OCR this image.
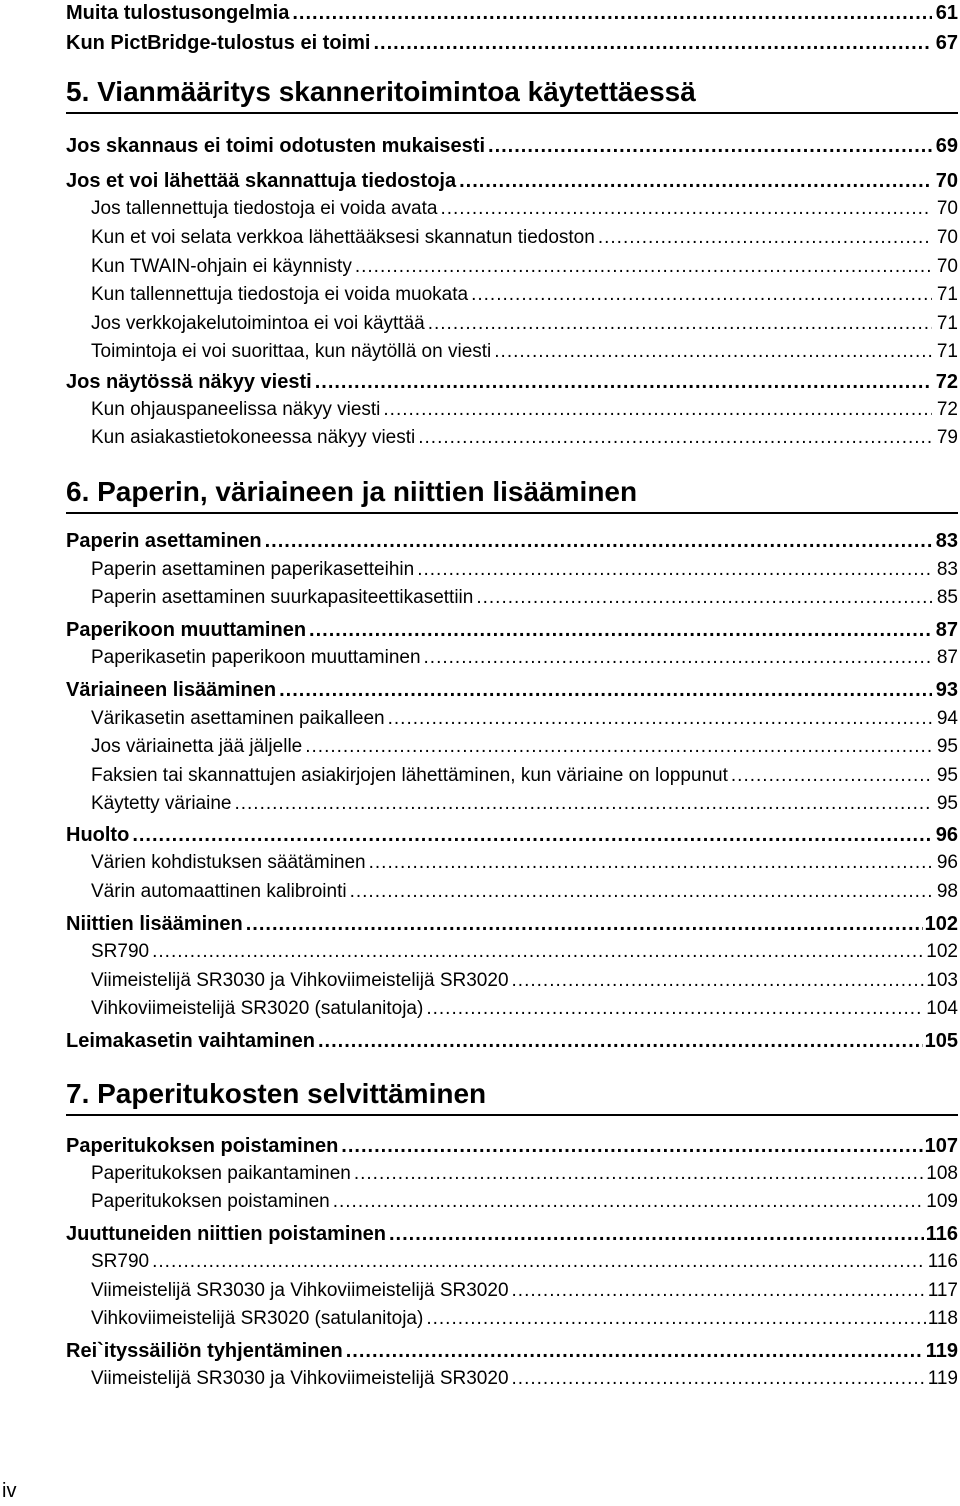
Muita tulostusongelmia .....	61
Kun PictBridge-tulostus ei toimi .....	67
5. Vianmääritys skanneritoimintoa käytettäessä
Jos skannaus ei toimi odotusten mukaisesti .....	69
Jos et voi lähettää skannattuja tiedostoja .....	70
Jos tallennettuja tiedostoja ei voida avata .....	70
Kun et voi selata verkkoa lähettääksesi skannatun tiedoston .....	70
Kun TWAIN-ohjain ei käynnisty .....	70
Kun tallennettuja tiedostoja ei voida muokata .....	71
Jos verkkojakelutoimintoa ei voi käyttää .....	71
Toimintoja ei voi suorittaa, kun näytöllä on viesti .....	71
Jos näytössä näkyy viesti .....	72
Kun ohjauspaneelissa näkyy viesti .....	72
Kun asiakastietokoneessa näkyy viesti .....	79
6. Paperin, väriaineen ja niittien lisääminen
Paperin asettaminen .....	83
Paperin asettaminen paperikasetteihin .....	83
Paperin asettaminen suurkapasiteettikasettiin .....	85
Paperikoon muuttaminen .....	87
Paperikasetin paperikoon muuttaminen .....	87
Väriaineen lisääminen .....	93
Värikasetin asettaminen paikalleen .....	94
Jos väriainetta jää jäljelle .....	95
Faksien tai skannattujen asiakirjojen lähettäminen, kun väriaine on loppunut .....	95
Käytetty väriaine .....	95
Huolto .....	96
Värien kohdistuksen säätäminen .....	96
Värin automaattinen kalibrointi .....	98
Niittien lisääminen .....	102
SR790 .....	102
Viimeistelijä SR3030 ja Vihkoviimeistelijä SR3020 .....	103
Vihkoviimeistelijä SR3020 (satulanitoja) .....	104
Leimakasetin vaihtaminen .....	105
7. Paperitukosten selvittäminen
Paperitukoksen poistaminen .....	107
Paperitukoksen paikantaminen .....	108
Paperitukoksen poistaminen .....	109
Juuttuneiden niittien poistaminen .....	116
SR790 .....	116
Viimeistelijä SR3030 ja Vihkoviimeistelijä SR3020 .....	117
Vihkoviimeistelijä SR3020 (satulanitoja) .....	118
Rei`ityssäiliön tyhjentäminen .....	119
Viimeistelijä SR3030 ja Vihkoviimeistelijä SR3020 .....	119
iv
